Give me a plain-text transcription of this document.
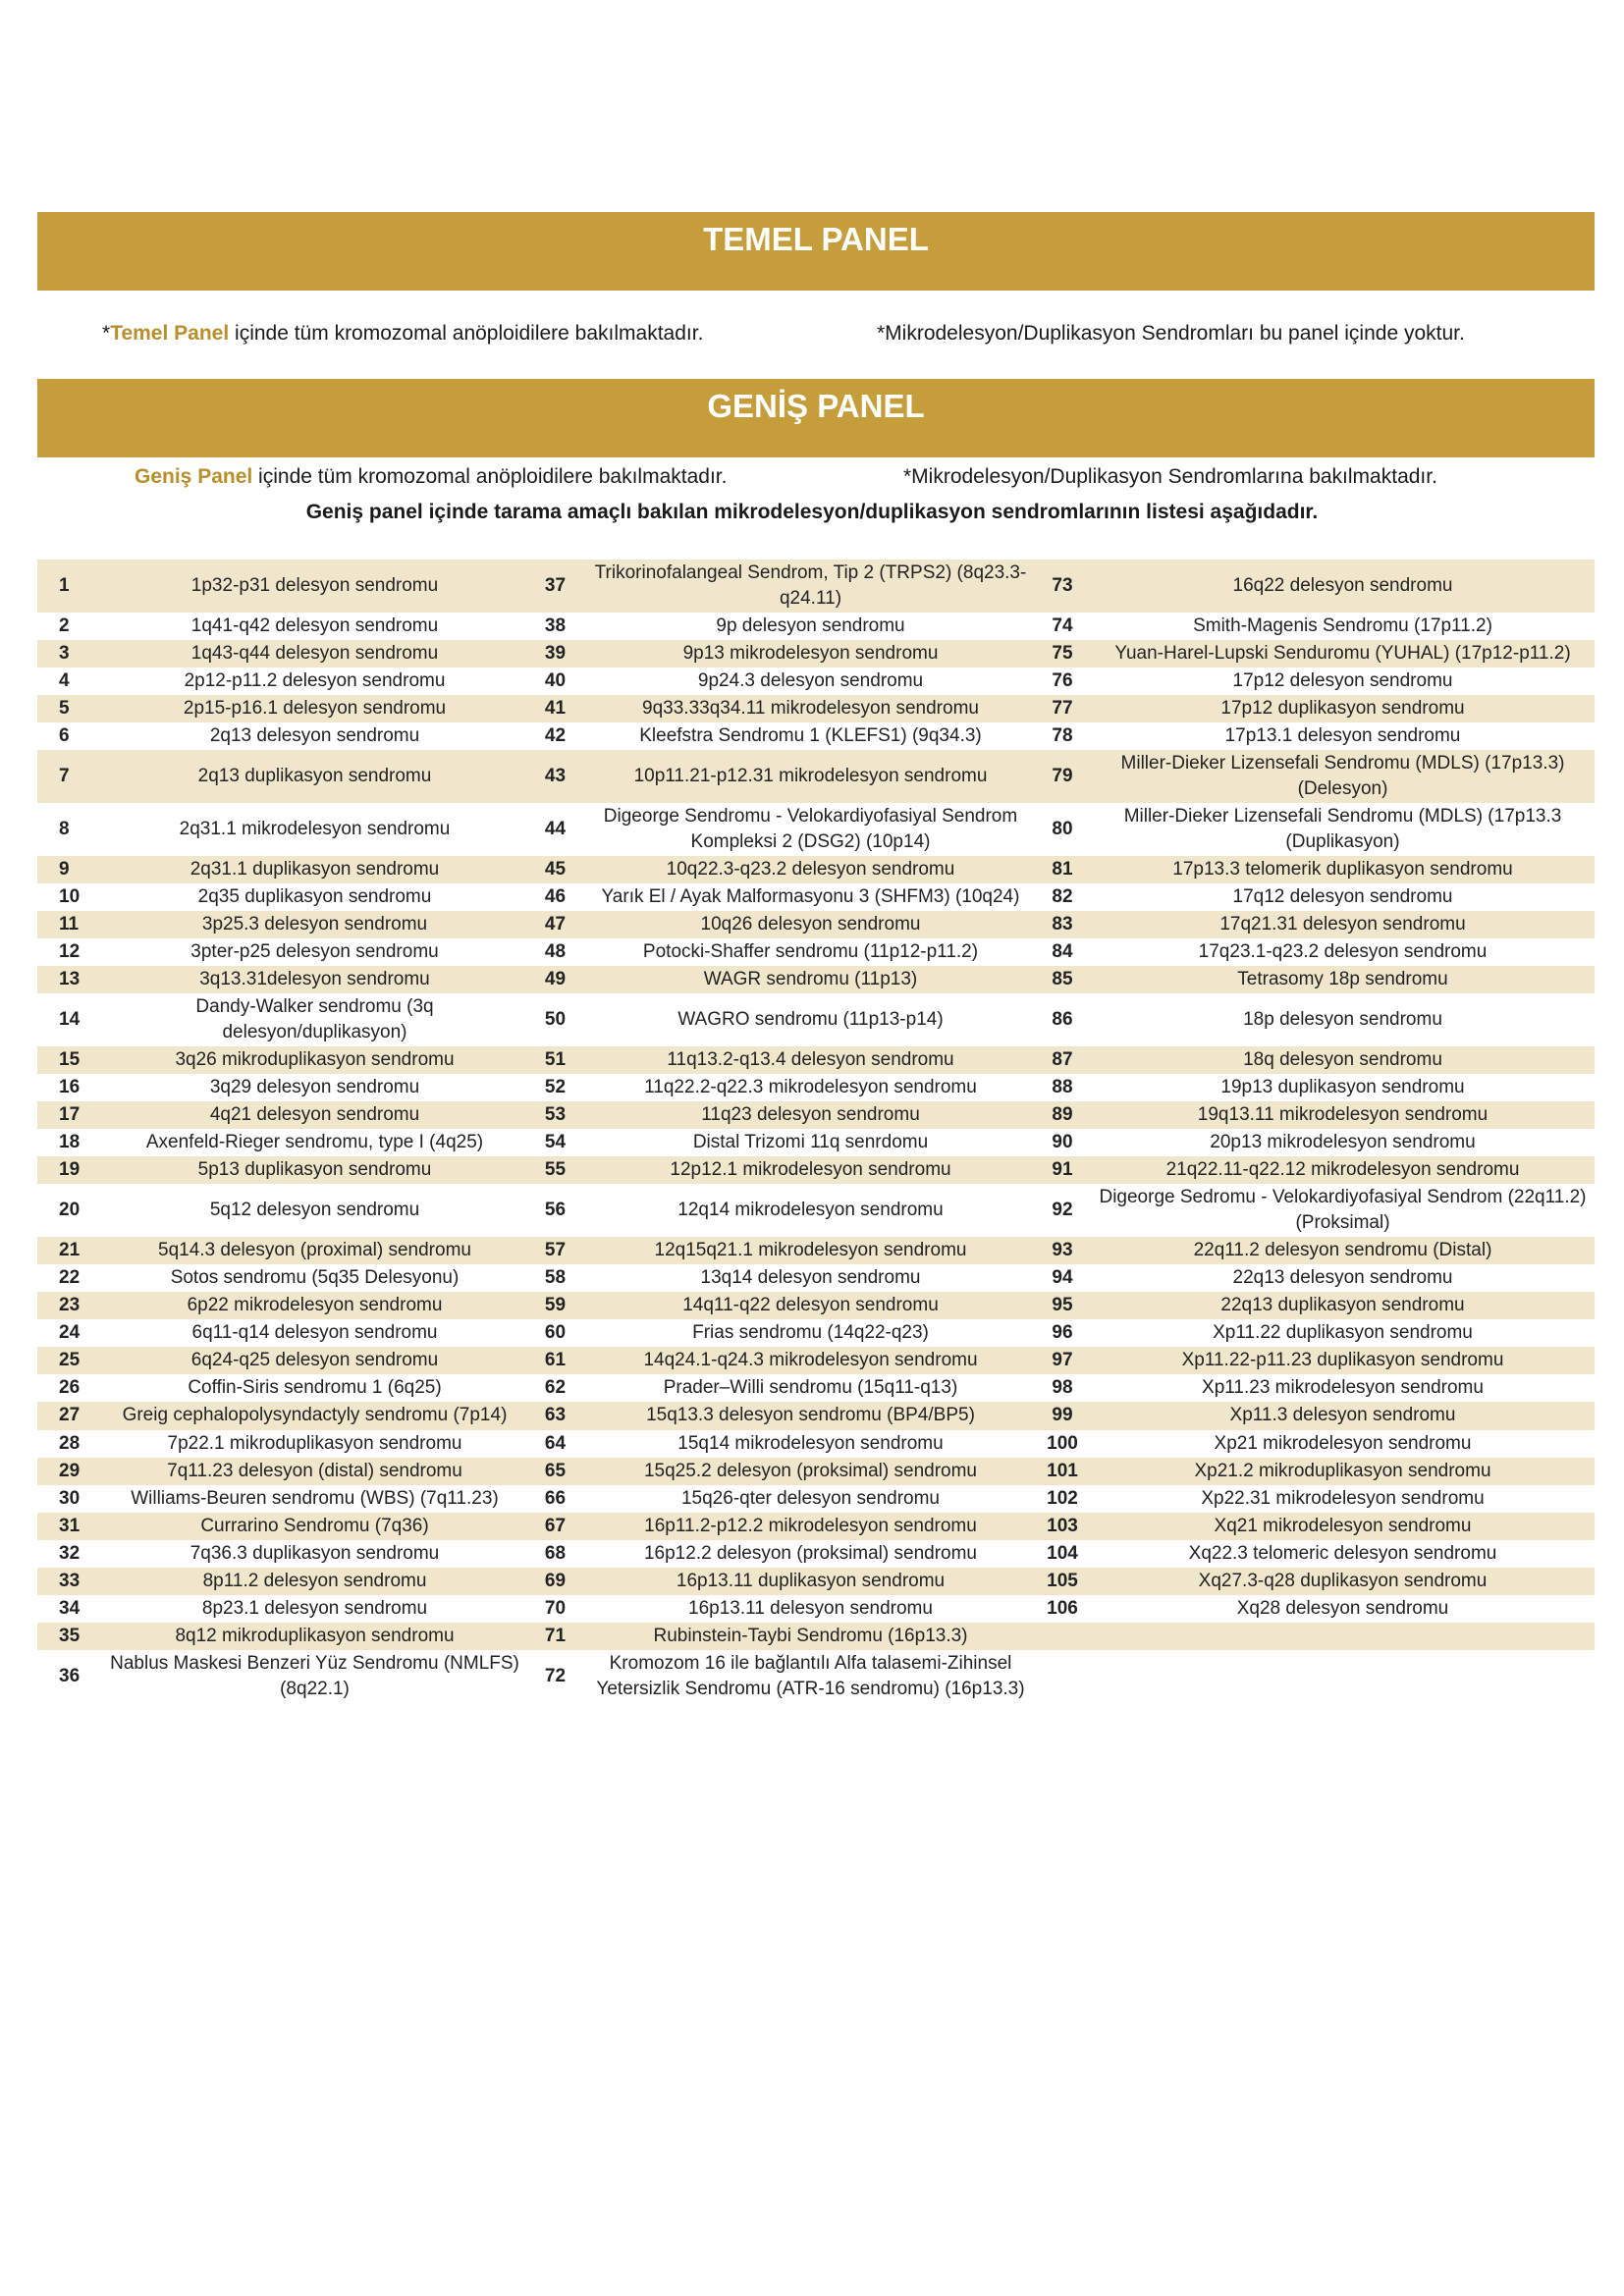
TEMEL PANEL
*Temel Panel içinde tüm kromozomal anöploidilere bakılmaktadır.	*Mikrodelesyon/Duplikasyon Sendromları bu panel içinde yoktur.
GENİŞ PANEL
Geniş Panel içinde tüm kromozomal anöploidilere bakılmaktadır.	*Mikrodelesyon/Duplikasyon Sendromlarına bakılmaktadır.
Geniş panel içinde tarama amaçlı bakılan mikrodelesyon/duplikasyon sendromlarının listesi aşağıdadır.
1	1p32-p31 delesyon sendromu	37	Trikorinofalangeal Sendrom, Tip 2 (TRPS2) (8q23.3-q24.11)	73	16q22 delesyon sendromu
2	1q41-q42 delesyon sendromu	38	9p delesyon sendromu	74	Smith-Magenis Sendromu (17p11.2)
3	1q43-q44 delesyon sendromu	39	9p13 mikrodelesyon sendromu	75	Yuan-Harel-Lupski Senduromu (YUHAL) (17p12-p11.2)
4	2p12-p11.2 delesyon sendromu	40	9p24.3 delesyon sendromu	76	17p12 delesyon sendromu
5	2p15-p16.1 delesyon sendromu	41	9q33.33q34.11 mikrodelesyon sendromu	77	17p12 duplikasyon sendromu
6	2q13 delesyon sendromu	42	Kleefstra Sendromu 1 (KLEFS1) (9q34.3)	78	17p13.1 delesyon sendromu
7	2q13 duplikasyon sendromu	43	10p11.21-p12.31 mikrodelesyon sendromu	79	Miller-Dieker Lizensefali Sendromu (MDLS) (17p13.3) (Delesyon)
8	2q31.1 mikrodelesyon sendromu	44	Digeorge Sendromu - Velokardiyofasiyal Sendrom Kompleksi 2 (DSG2) (10p14)	80	Miller-Dieker Lizensefali Sendromu (MDLS) (17p13.3 (Duplikasyon)
9	2q31.1 duplikasyon sendromu	45	10q22.3-q23.2 delesyon sendromu	81	17p13.3 telomerik duplikasyon sendromu
10	2q35 duplikasyon sendromu	46	Yarık El / Ayak Malformasyonu 3 (SHFM3) (10q24)	82	17q12 delesyon sendromu
11	3p25.3 delesyon sendromu	47	10q26 delesyon sendromu	83	17q21.31 delesyon sendromu
12	3pter-p25 delesyon sendromu	48	Potocki-Shaffer sendromu (11p12-p11.2)	84	17q23.1-q23.2 delesyon sendromu
13	3q13.31delesyon sendromu	49	WAGR sendromu (11p13)	85	Tetrasomy 18p sendromu
14	Dandy-Walker sendromu (3q delesyon/duplikasyon)	50	WAGRO sendromu (11p13-p14)	86	18p delesyon sendromu
15	3q26 mikroduplikasyon sendromu	51	11q13.2-q13.4 delesyon sendromu	87	18q delesyon sendromu
16	3q29 delesyon sendromu	52	11q22.2-q22.3 mikrodelesyon sendromu	88	19p13 duplikasyon sendromu
17	4q21 delesyon sendromu	53	11q23 delesyon sendromu	89	19q13.11 mikrodelesyon sendromu
18	Axenfeld-Rieger sendromu, type I (4q25)	54	Distal Trizomi 11q senrdomu	90	20p13 mikrodelesyon sendromu
19	5p13 duplikasyon sendromu	55	12p12.1 mikrodelesyon sendromu	91	21q22.11-q22.12 mikrodelesyon sendromu
20	5q12 delesyon sendromu	56	12q14 mikrodelesyon sendromu	92	Digeorge Sedromu - Velokardiyofasiyal Sendrom (22q11.2) (Proksimal)
21	5q14.3 delesyon (proximal) sendromu	57	12q15q21.1 mikrodelesyon sendromu	93	22q11.2 delesyon sendromu (Distal)
22	Sotos sendromu (5q35 Delesyonu)	58	13q14 delesyon sendromu	94	22q13 delesyon sendromu
23	6p22 mikrodelesyon sendromu	59	14q11-q22 delesyon sendromu	95	22q13 duplikasyon sendromu
24	6q11-q14 delesyon sendromu	60	Frias sendromu (14q22-q23)	96	Xp11.22 duplikasyon sendromu
25	6q24-q25 delesyon sendromu	61	14q24.1-q24.3 mikrodelesyon sendromu	97	Xp11.22-p11.23 duplikasyon sendromu
26	Coffin-Siris sendromu 1 (6q25)	62	Prader–Willi sendromu (15q11-q13)	98	Xp11.23 mikrodelesyon sendromu
27	Greig cephalopolysyndactyly sendromu (7p14)	63	15q13.3 delesyon sendromu (BP4/BP5)	99	Xp11.3 delesyon sendromu
28	7p22.1 mikroduplikasyon sendromu	64	15q14 mikrodelesyon sendromu	100	Xp21 mikrodelesyon sendromu
29	7q11.23 delesyon (distal) sendromu	65	15q25.2 delesyon (proksimal) sendromu	101	Xp21.2 mikroduplikasyon sendromu
30	Williams-Beuren sendromu (WBS) (7q11.23)	66	15q26-qter delesyon sendromu	102	Xp22.31 mikrodelesyon sendromu
31	Currarino Sendromu (7q36)	67	16p11.2-p12.2 mikrodelesyon sendromu	103	Xq21 mikrodelesyon sendromu
32	7q36.3 duplikasyon sendromu	68	16p12.2 delesyon (proksimal) sendromu	104	Xq22.3 telomeric delesyon sendromu
33	8p11.2 delesyon sendromu	69	16p13.11 duplikasyon sendromu	105	Xq27.3-q28 duplikasyon sendromu
34	8p23.1 delesyon sendromu	70	16p13.11 delesyon sendromu	106	Xq28 delesyon sendromu
35	8q12 mikroduplikasyon sendromu	71	Rubinstein-Taybi Sendromu (16p13.3)		
36	Nablus Maskesi Benzeri Yüz Sendromu (NMLFS) (8q22.1)	72	Kromozom 16 ile bağlantılı Alfa talasemi-Zihinsel Yetersizlik Sendromu (ATR-16 sendromu) (16p13.3)		
